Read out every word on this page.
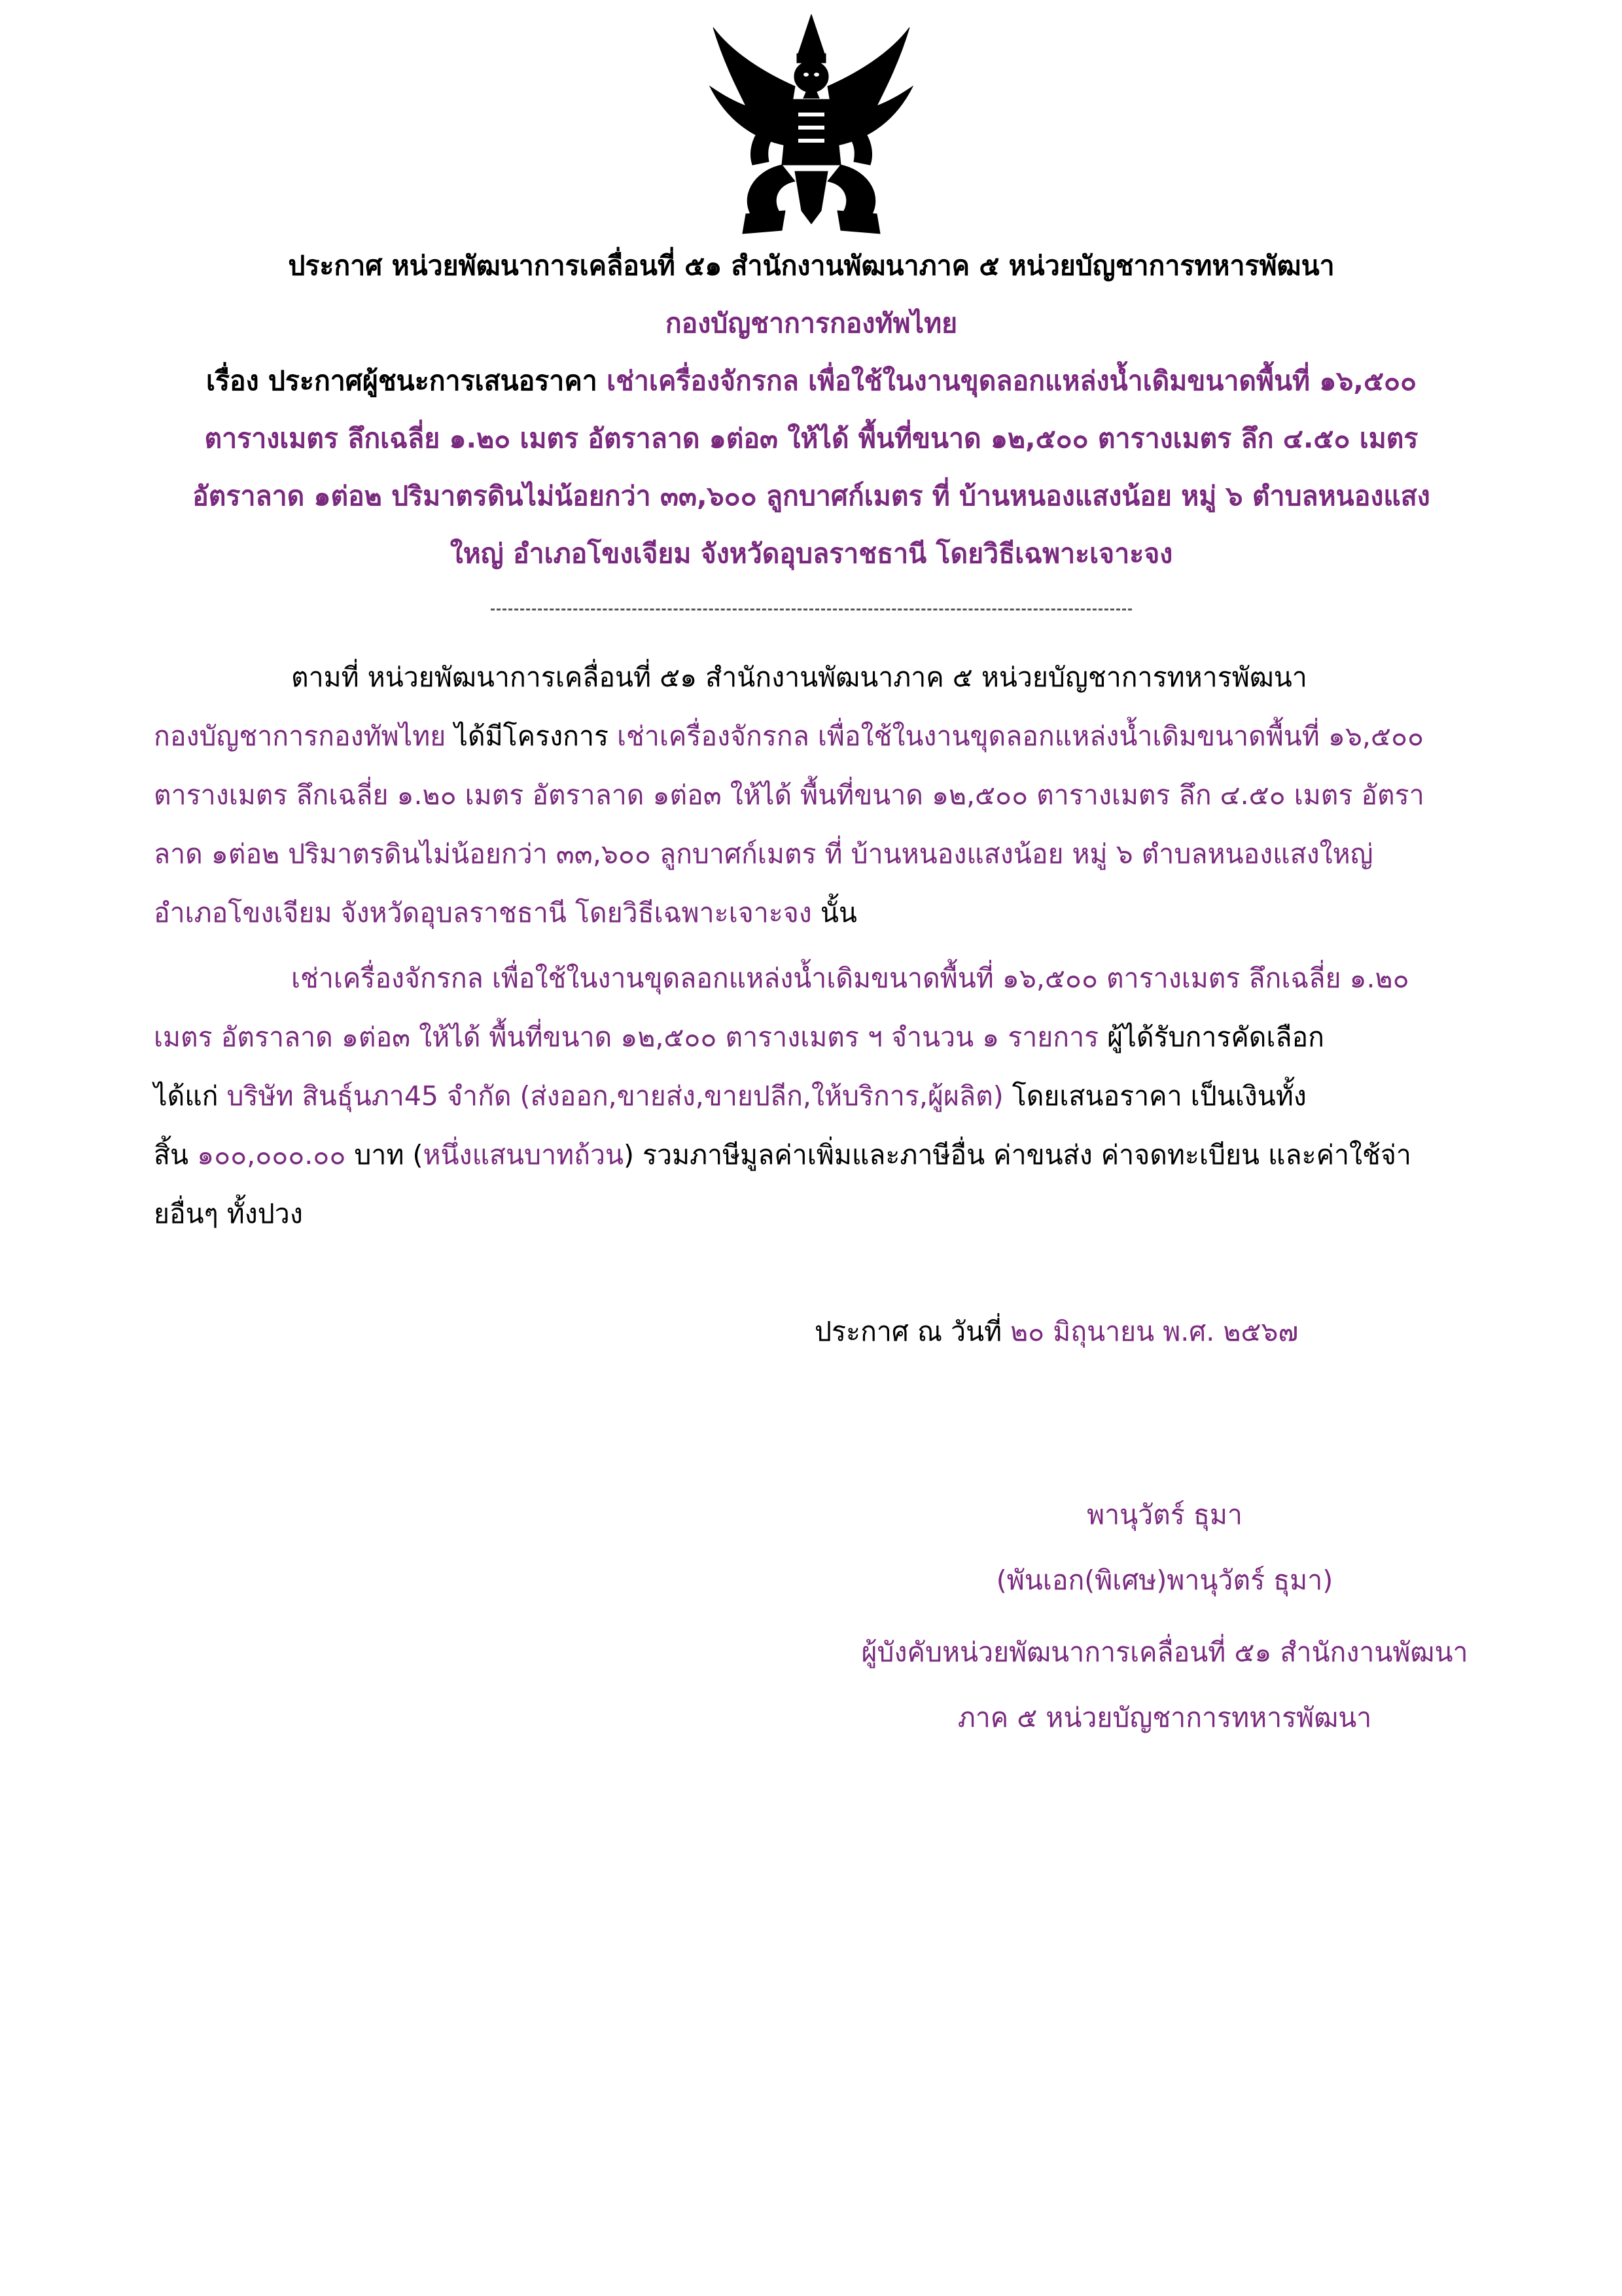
ประกาศ หน่วยพัฒนาการเคลื่อนที่ ๕๑ สำนักงานพัฒนาภาค ๕ หน่วยบัญชาการทหารพัฒนา
กองบัญชาการกองทัพไทย
เรื่อง ประกาศผู้ชนะการเสนอราคา เช่าเครื่องจักรกล เพื่อใช้ในงานขุดลอกแหล่งน้ำเดิมขนาดพื้นที่ ๑๖,๕๐๐
ตารางเมตร ลึกเฉลี่ย ๑.๒๐ เมตร อัตราลาด ๑ต่อ๓ ให้ได้ พื้นที่ขนาด ๑๒,๕๐๐ ตารางเมตร ลึก ๔.๕๐ เมตร
อัตราลาด ๑ต่อ๒ ปริมาตรดินไม่น้อยกว่า ๓๓,๖๐๐ ลูกบาศก์เมตร ที่ บ้านหนองแสงน้อย หมู่ ๖ ตำบลหนองแสง
ใหญ่ อำเภอโขงเจียม จังหวัดอุบลราชธานี โดยวิธีเฉพาะเจาะจง
ตามที่ หน่วยพัฒนาการเคลื่อนที่ ๕๑ สำนักงานพัฒนาภาค ๕ หน่วยบัญชาการทหารพัฒนา
กองบัญชาการกองทัพไทย ได้มีโครงการ เช่าเครื่องจักรกล เพื่อใช้ในงานขุดลอกแหล่งน้ำเดิมขนาดพื้นที่ ๑๖,๕๐๐
ตารางเมตร ลึกเฉลี่ย ๑.๒๐ เมตร อัตราลาด ๑ต่อ๓ ให้ได้ พื้นที่ขนาด ๑๒,๕๐๐ ตารางเมตร ลึก ๔.๕๐ เมตร อัตรา
ลาด ๑ต่อ๒ ปริมาตรดินไม่น้อยกว่า ๓๓,๖๐๐ ลูกบาศก์เมตร ที่ บ้านหนองแสงน้อย หมู่ ๖ ตำบลหนองแสงใหญ่
อำเภอโขงเจียม จังหวัดอุบลราชธานี โดยวิธีเฉพาะเจาะจง นั้น
เช่าเครื่องจักรกล เพื่อใช้ในงานขุดลอกแหล่งน้ำเดิมขนาดพื้นที่ ๑๖,๕๐๐ ตารางเมตร ลึกเฉลี่ย ๑.๒๐
เมตร อัตราลาด ๑ต่อ๓ ให้ได้ พื้นที่ขนาด ๑๒,๕๐๐ ตารางเมตร ฯ จำนวน ๑ รายการ ผู้ได้รับการคัดเลือก
ได้แก่ บริษัท สินธุ์นภา45 จำกัด (ส่งออก,ขายส่ง,ขายปลีก,ให้บริการ,ผู้ผลิต) โดยเสนอราคา เป็นเงินทั้ง
สิ้น ๑๐๐,๐๐๐.๐๐ บาท (หนึ่งแสนบาทถ้วน) รวมภาษีมูลค่าเพิ่มและภาษีอื่น ค่าขนส่ง ค่าจดทะเบียน และค่าใช้จ่า
ยอื่นๆ ทั้งปวง
ประกาศ ณ วันที่ ๒๐ มิถุนายน พ.ศ. ๒๕๖๗
พานุวัตร์ ธุมา
(พันเอก(พิเศษ)พานุวัตร์ ธุมา)
ผู้บังคับหน่วยพัฒนาการเคลื่อนที่ ๕๑ สำนักงานพัฒนา
ภาค ๕ หน่วยบัญชาการทหารพัฒนา
